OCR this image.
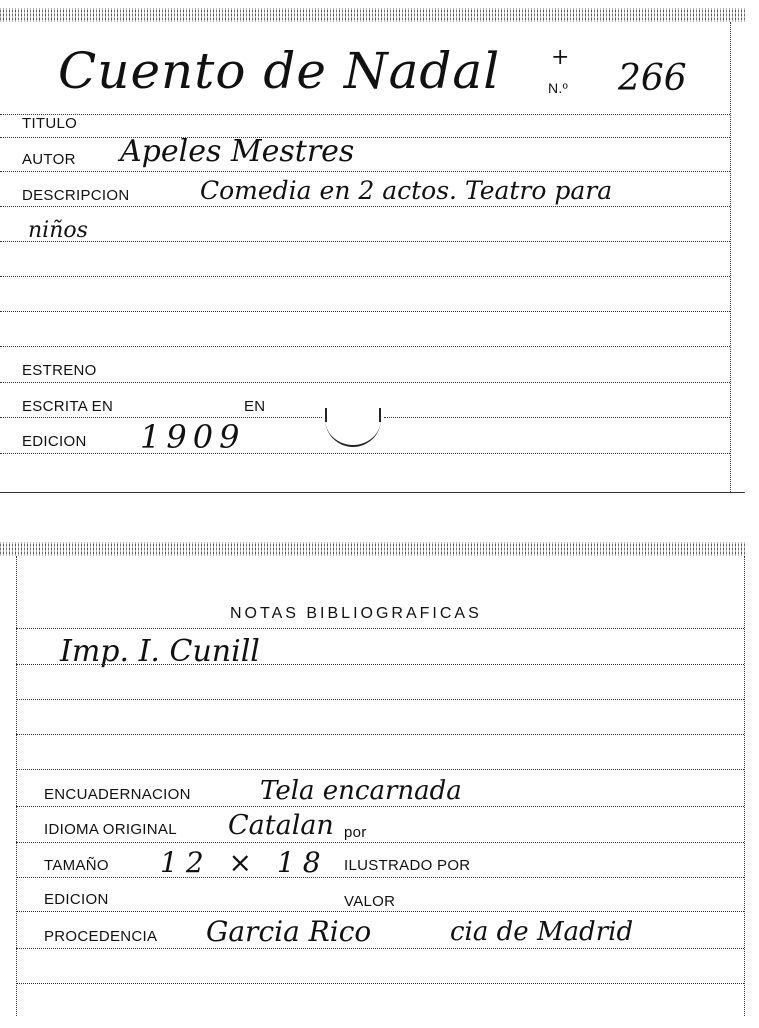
Cuento de Nadal +
N.º 266
TITULO
AUTOR Apeles Mestres
DESCRIPCION	Comedia en 2 actos. Teatro para
niños
ESTRENO
ESCRITA EN	EN
EDICION 1909
NOTAS BIBLIOGRAFICAS
Imp. I. Cunill
ENCUADERNACION	Tela encarnada
IDIOMA ORIGINAL Catalan por
TAMAÑO 12 × 18 ILUSTRADO POR
EDICION	VALOR
PROCEDENCIA Garcia Rico	cia de Madrid
